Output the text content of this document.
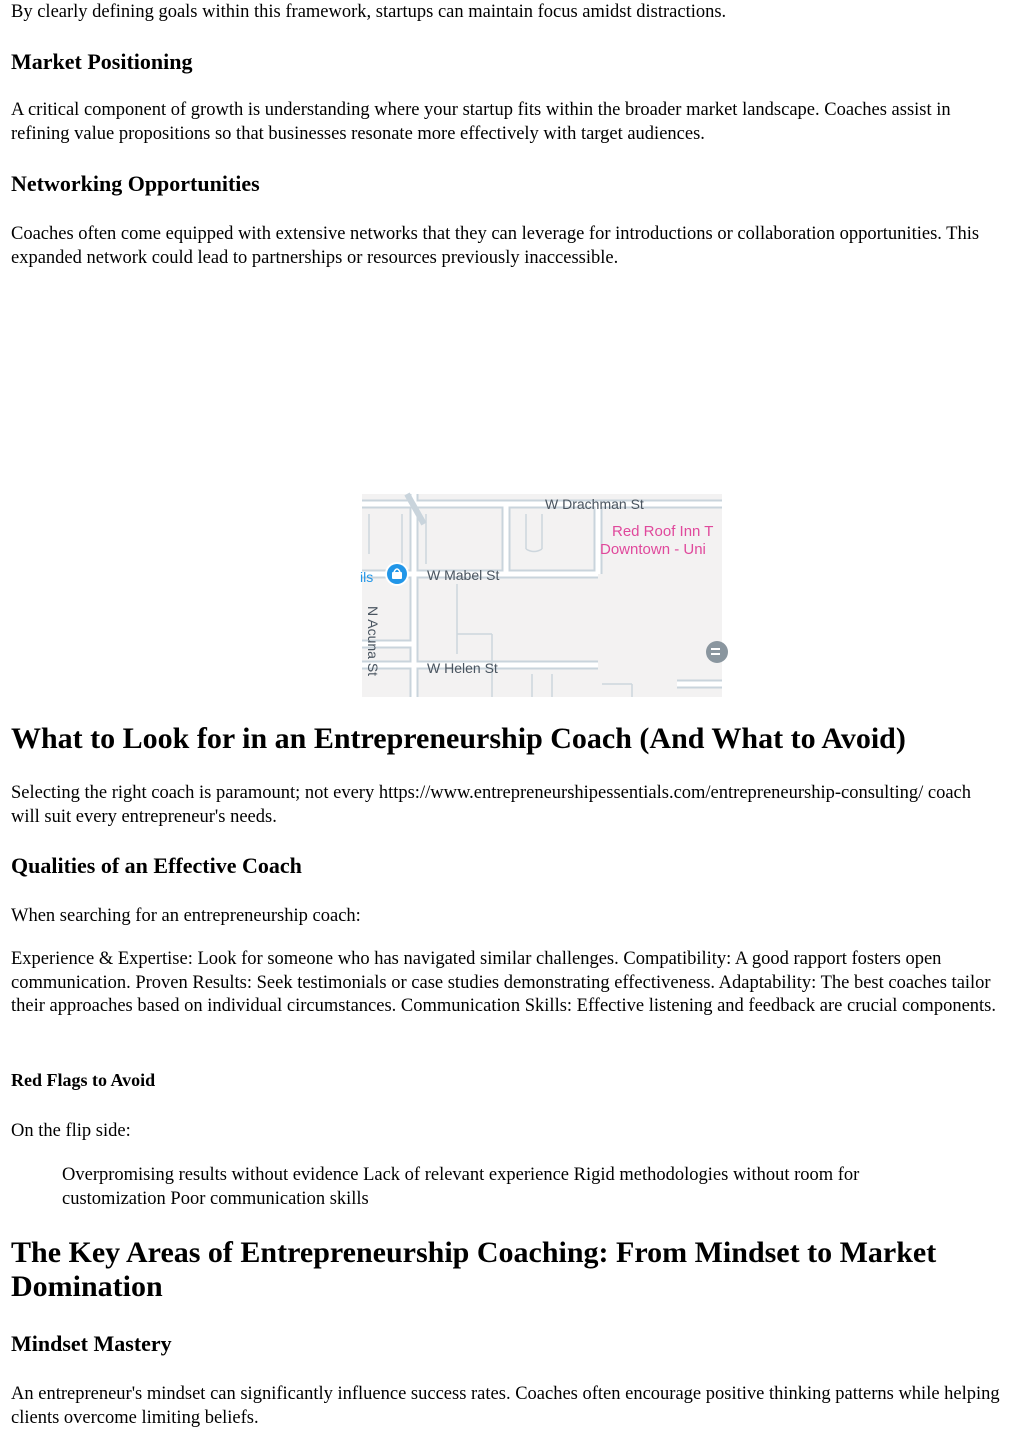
By clearly defining goals within this framework, startups can maintain focus amidst distractions.

Market Positioning

A critical component of growth is understanding where your startup fits within the broader market landscape. Coaches assist in refining value propositions so that businesses resonate more effectively with target audiences.

Networking Opportunities

Coaches often come equipped with extensive networks that they can leverage for introductions or collaboration opportunities. This expanded network could lead to partnerships or resources previously inaccessible.

What to Look for in an Entrepreneurship Coach (And What to Avoid)

Selecting the right coach is paramount; not every https://www.entrepreneurshipessentials.com/entrepreneurship-consulting/ coach will suit every entrepreneur's needs.

Qualities of an Effective Coach

When searching for an entrepreneurship coach:

Experience & Expertise: Look for someone who has navigated similar challenges. Compatibility: A good rapport fosters open communication. Proven Results: Seek testimonials or case studies demonstrating effectiveness. Adaptability: The best coaches tailor their approaches based on individual circumstances. Communication Skills: Effective listening and feedback are crucial components.

Red Flags to Avoid

On the flip side:

Overpromising results without evidence Lack of relevant experience Rigid methodologies without room for customization Poor communication skills

The Key Areas of Entrepreneurship Coaching: From Mindset to Market Domination
Mindset Mastery

An entrepreneur's mindset can significantly influence success rates. Coaches often encourage positive thinking patterns while helping clients overcome limiting beliefs.

W Drachman St
W Mabel St
W Helen St
N Acuna St
ils
Red Roof Inn T
Downtown - Uni
